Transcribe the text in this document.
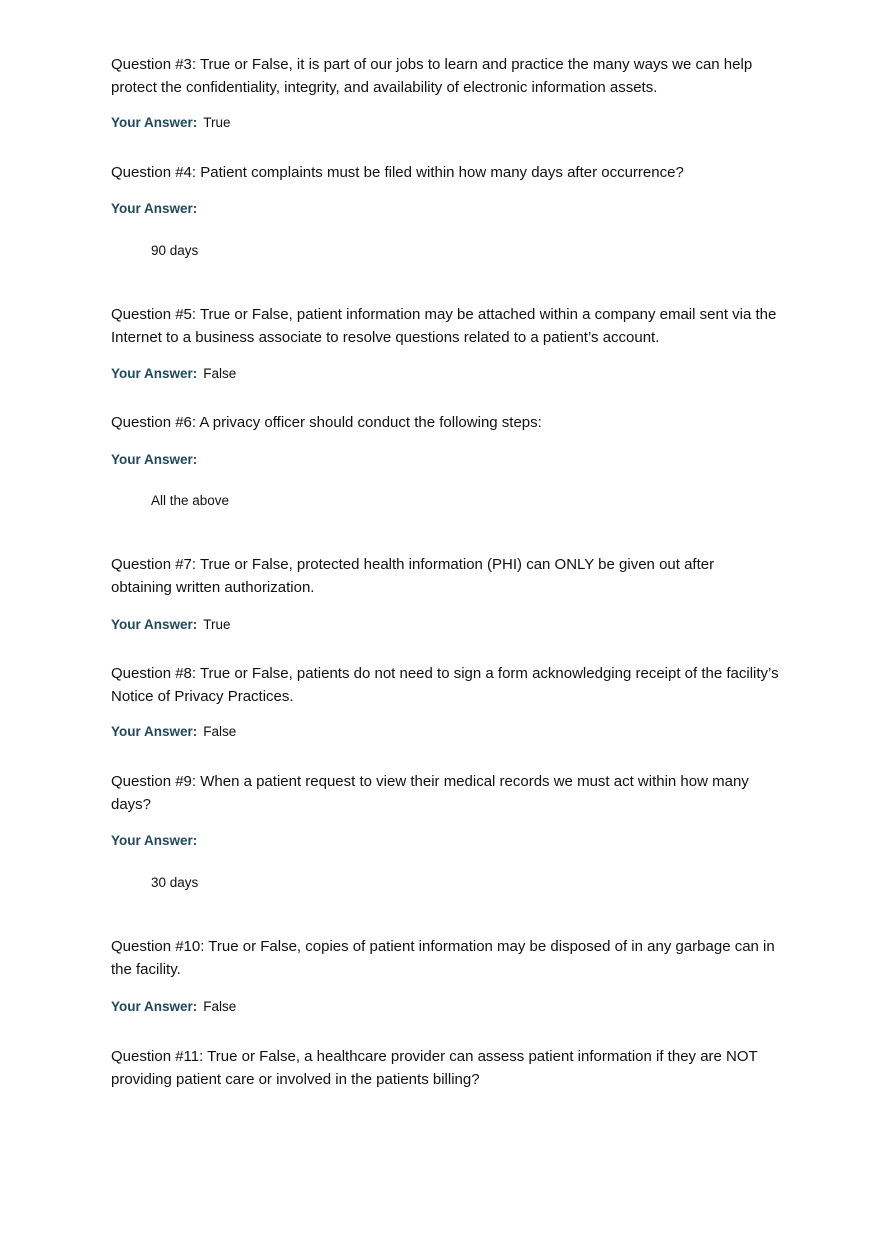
Question #3: True or False, it is part of our jobs to learn and practice the many ways we can help protect the confidentiality, integrity, and availability of electronic information assets.

Your Answer: True

Question #4: Patient complaints must be filed within how many days after occurrence?

Your Answer:
90 days

Question #5: True or False, patient information may be attached within a company email sent via the Internet to a business associate to resolve questions related to a patient’s account.

Your Answer: False

Question #6: A privacy officer should conduct the following steps:

Your Answer:
All the above

Question #7: True or False, protected health information (PHI) can ONLY be given out after obtaining written authorization.

Your Answer: True

Question #8: True or False, patients do not need to sign a form acknowledging receipt of the facility’s Notice of Privacy Practices.

Your Answer: False

Question #9: When a patient request to view their medical records we must act within how many days?

Your Answer:
30 days

Question #10: True or False, copies of patient information may be disposed of in any garbage can in the facility.

Your Answer: False

Question #11: True or False, a healthcare provider can assess patient information if they are NOT providing patient care or involved in the patients billing?
